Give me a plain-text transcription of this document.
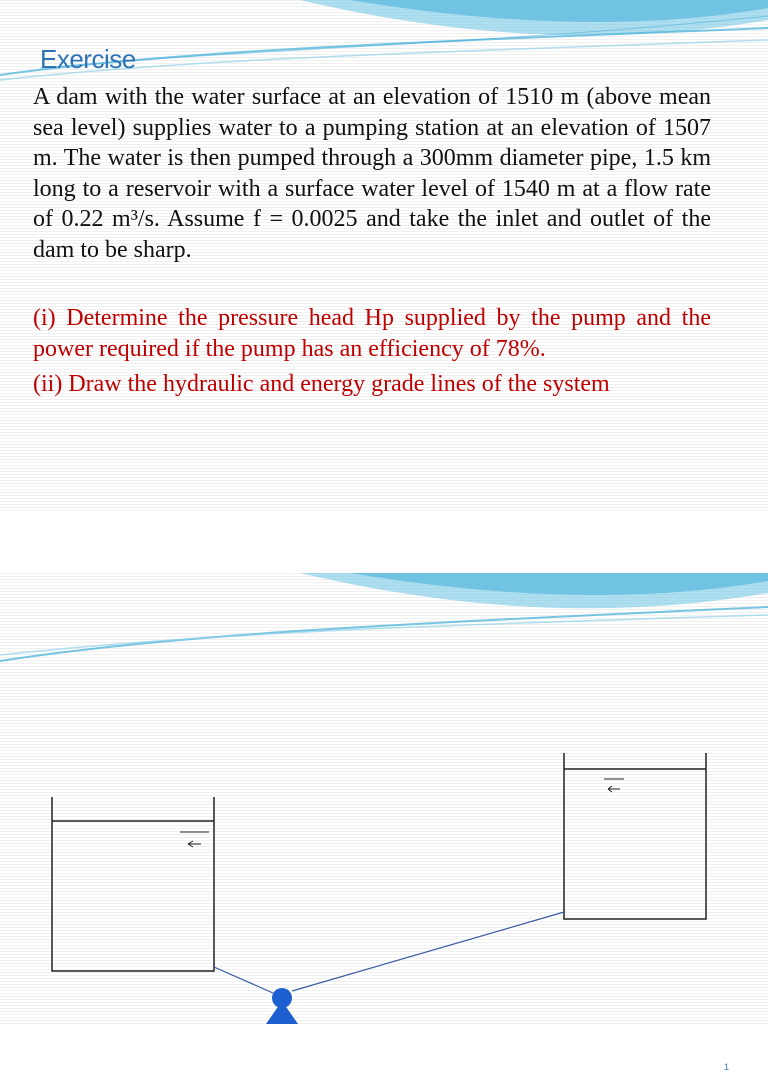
Exercise

A dam with the water surface at an elevation of 1510 m (above mean sea level) supplies water to a pumping station at an elevation of 1507 m. The water is then pumped through a 300mm diameter pipe, 1.5 km long to a reservoir with a surface water level of 1540 m at a flow rate of 0.22 m³/s. Assume f = 0.0025 and take the inlet and outlet of the dam to be sharp.

(i) Determine the pressure head Hp supplied by the pump and the power required if the pump has an efficiency of 78%.

(ii) Draw the hydraulic and energy grade lines of the system

1
